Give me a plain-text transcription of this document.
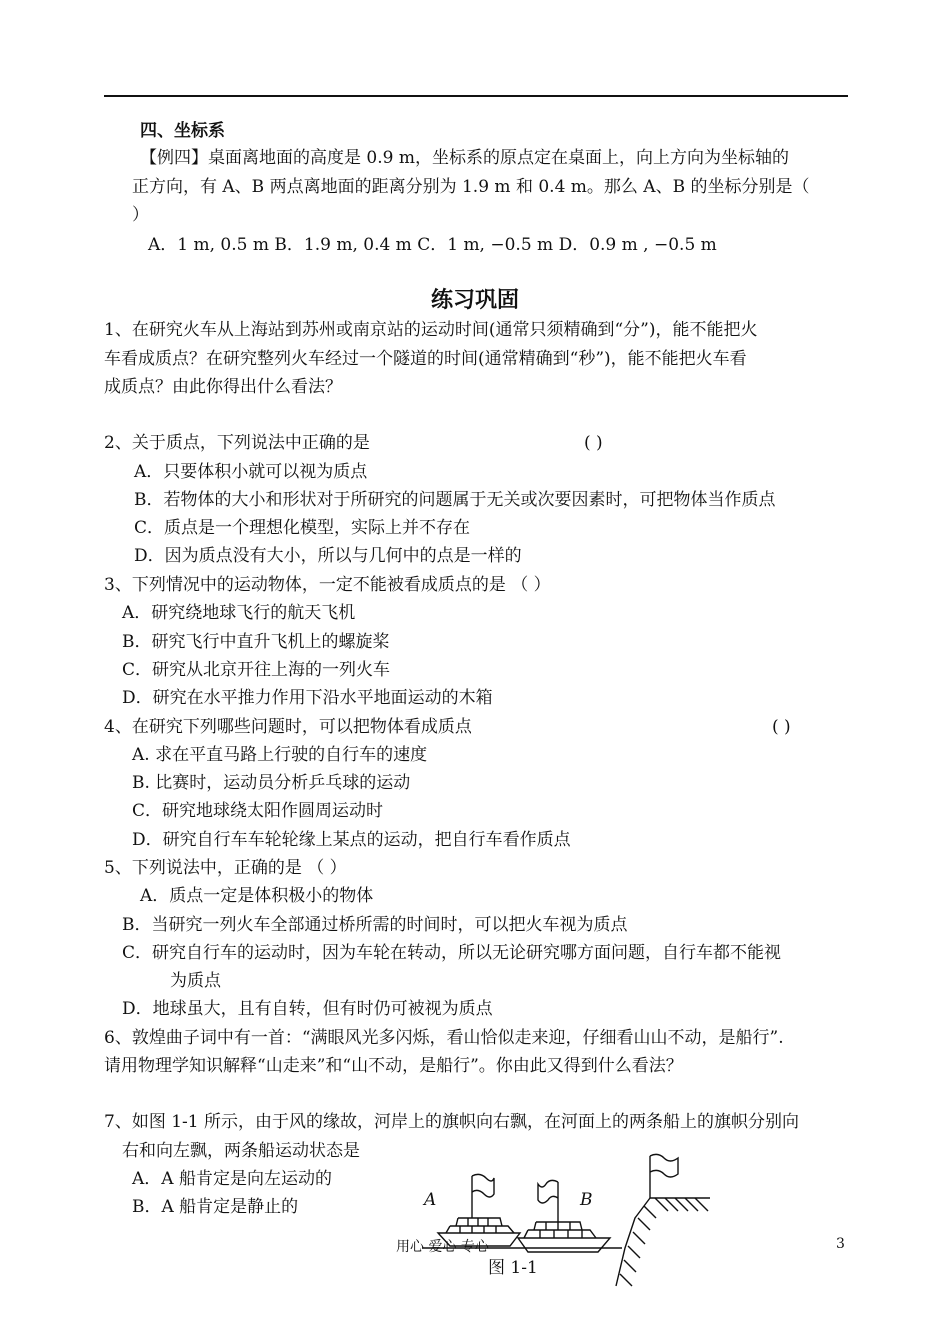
四、坐标系
【例四】桌面离地面的高度是 0.9 m，坐标系的原点定在桌面上，向上方向为坐标轴的
正方向，有 A、B 两点离地面的距离分别为 1.9 m 和 0.4 m。那么 A、B 的坐标分别是（
）
A．1 m, 0.5 m B．1.9 m, 0.4 m C．1 m, −0.5 m D．0.9 m , −0.5 m
练习巩固
1、在研究火车从上海站到苏州或南京站的运动时间(通常只须精确到“分”)，能不能把火
车看成质点？在研究整列火车经过一个隧道的时间(通常精确到“秒”)，能不能把火车看
成质点？由此你得出什么看法？
2、关于质点，下列说法中正确的是	( )
A．只要体积小就可以视为质点
B．若物体的大小和形状对于所研究的问题属于无关或次要因素时，可把物体当作质点
C．质点是一个理想化模型，实际上并不存在
D．因为质点没有大小，所以与几何中的点是一样的
3、下列情况中的运动物体，一定不能被看成质点的是 （ ）
A．研究绕地球飞行的航天飞机
B．研究飞行中直升飞机上的螺旋桨
C．研究从北京开往上海的一列火车
D．研究在水平推力作用下沿水平地面运动的木箱
4、在研究下列哪些问题时，可以把物体看成质点	( )
A. 求在平直马路上行驶的自行车的速度
B. 比赛时，运动员分析乒乓球的运动
C．研究地球绕太阳作圆周运动时
D．研究自行车车轮轮缘上某点的运动，把自行车看作质点
5、下列说法中，正确的是 （ ）
A．质点一定是体积极小的物体
B．当研究一列火车全部通过桥所需的时间时，可以把火车视为质点
C．研究自行车的运动时，因为车轮在转动，所以无论研究哪方面问题，自行车都不能视
为质点
D．地球虽大，且有自转，但有时仍可被视为质点
6、敦煌曲子词中有一首：“满眼风光多闪烁，看山恰似走来迎，仔细看山山不动，是船行”.
请用物理学知识解释“山走来”和“山不动，是船行”。你由此又得到什么看法？
7、如图 1-1 所示，由于风的缘故，河岸上的旗帜向右飘，在河面上的两条船上的旗帜分别向
右和向左飘，两条船运动状态是
A．A 船肯定是向左运动的
B．A 船肯定是静止的	A	B
图 1-1
用心 爱心 专心	3
